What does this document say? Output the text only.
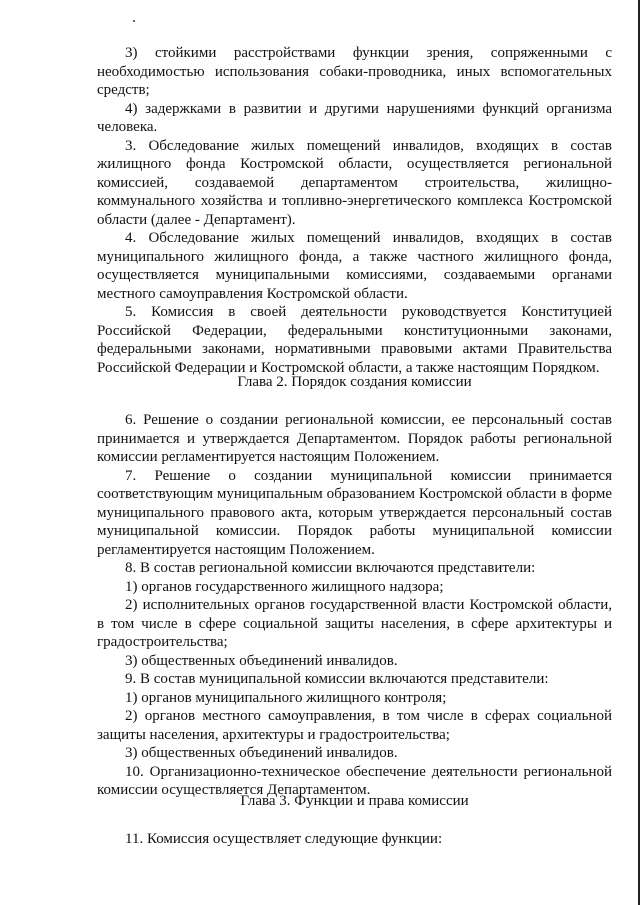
3) стойкими расстройствами функции зрения, сопряженными с необходимостью использования собаки-проводника, иных вспомогательных средств;

4) задержками в развитии и другими нарушениями функций организма человека.

3. Обследование жилых помещений инвалидов, входящих в состав жилищного фонда Костромской области, осуществляется региональной комиссией, создаваемой департаментом строительства, жилищно-коммунального хозяйства и топливно-энергетического комплекса Костромской области (далее - Департамент).

4. Обследование жилых помещений инвалидов, входящих в состав муниципального жилищного фонда, а также частного жилищного фонда, осуществляется муниципальными комиссиями, создаваемыми органами местного самоуправления Костромской области.

5. Комиссия в своей деятельности руководствуется Конституцией Российской Федерации, федеральными конституционными законами, федеральными законами, нормативными правовыми актами Правительства Российской Федерации и Костромской области, а также настоящим Порядком.

Глава 2. Порядок создания комиссии

6. Решение о создании региональной комиссии, ее персональный состав принимается и утверждается Департаментом. Порядок работы региональной комиссии регламентируется настоящим Положением.

7. Решение о создании муниципальной комиссии принимается соответствующим муниципальным образованием Костромской области в форме муниципального правового акта, которым утверждается персональный состав муниципальной комиссии. Порядок работы муниципальной комиссии регламентируется настоящим Положением.

8. В состав региональной комиссии включаются представители:

1) органов государственного жилищного надзора;

2) исполнительных органов государственной власти Костромской области, в том числе в сфере социальной защиты населения, в сфере архитектуры и градостроительства;

3) общественных объединений инвалидов.

9. В состав муниципальной комиссии включаются представители:

1) органов муниципального жилищного контроля;

2) органов местного самоуправления, в том числе в сферах социальной защиты населения, архитектуры и градостроительства;

3) общественных объединений инвалидов.

10. Организационно-техническое обеспечение деятельности региональной комиссии осуществляется Департаментом.

Глава 3. Функции и права комиссии

11. Комиссия осуществляет следующие функции:
